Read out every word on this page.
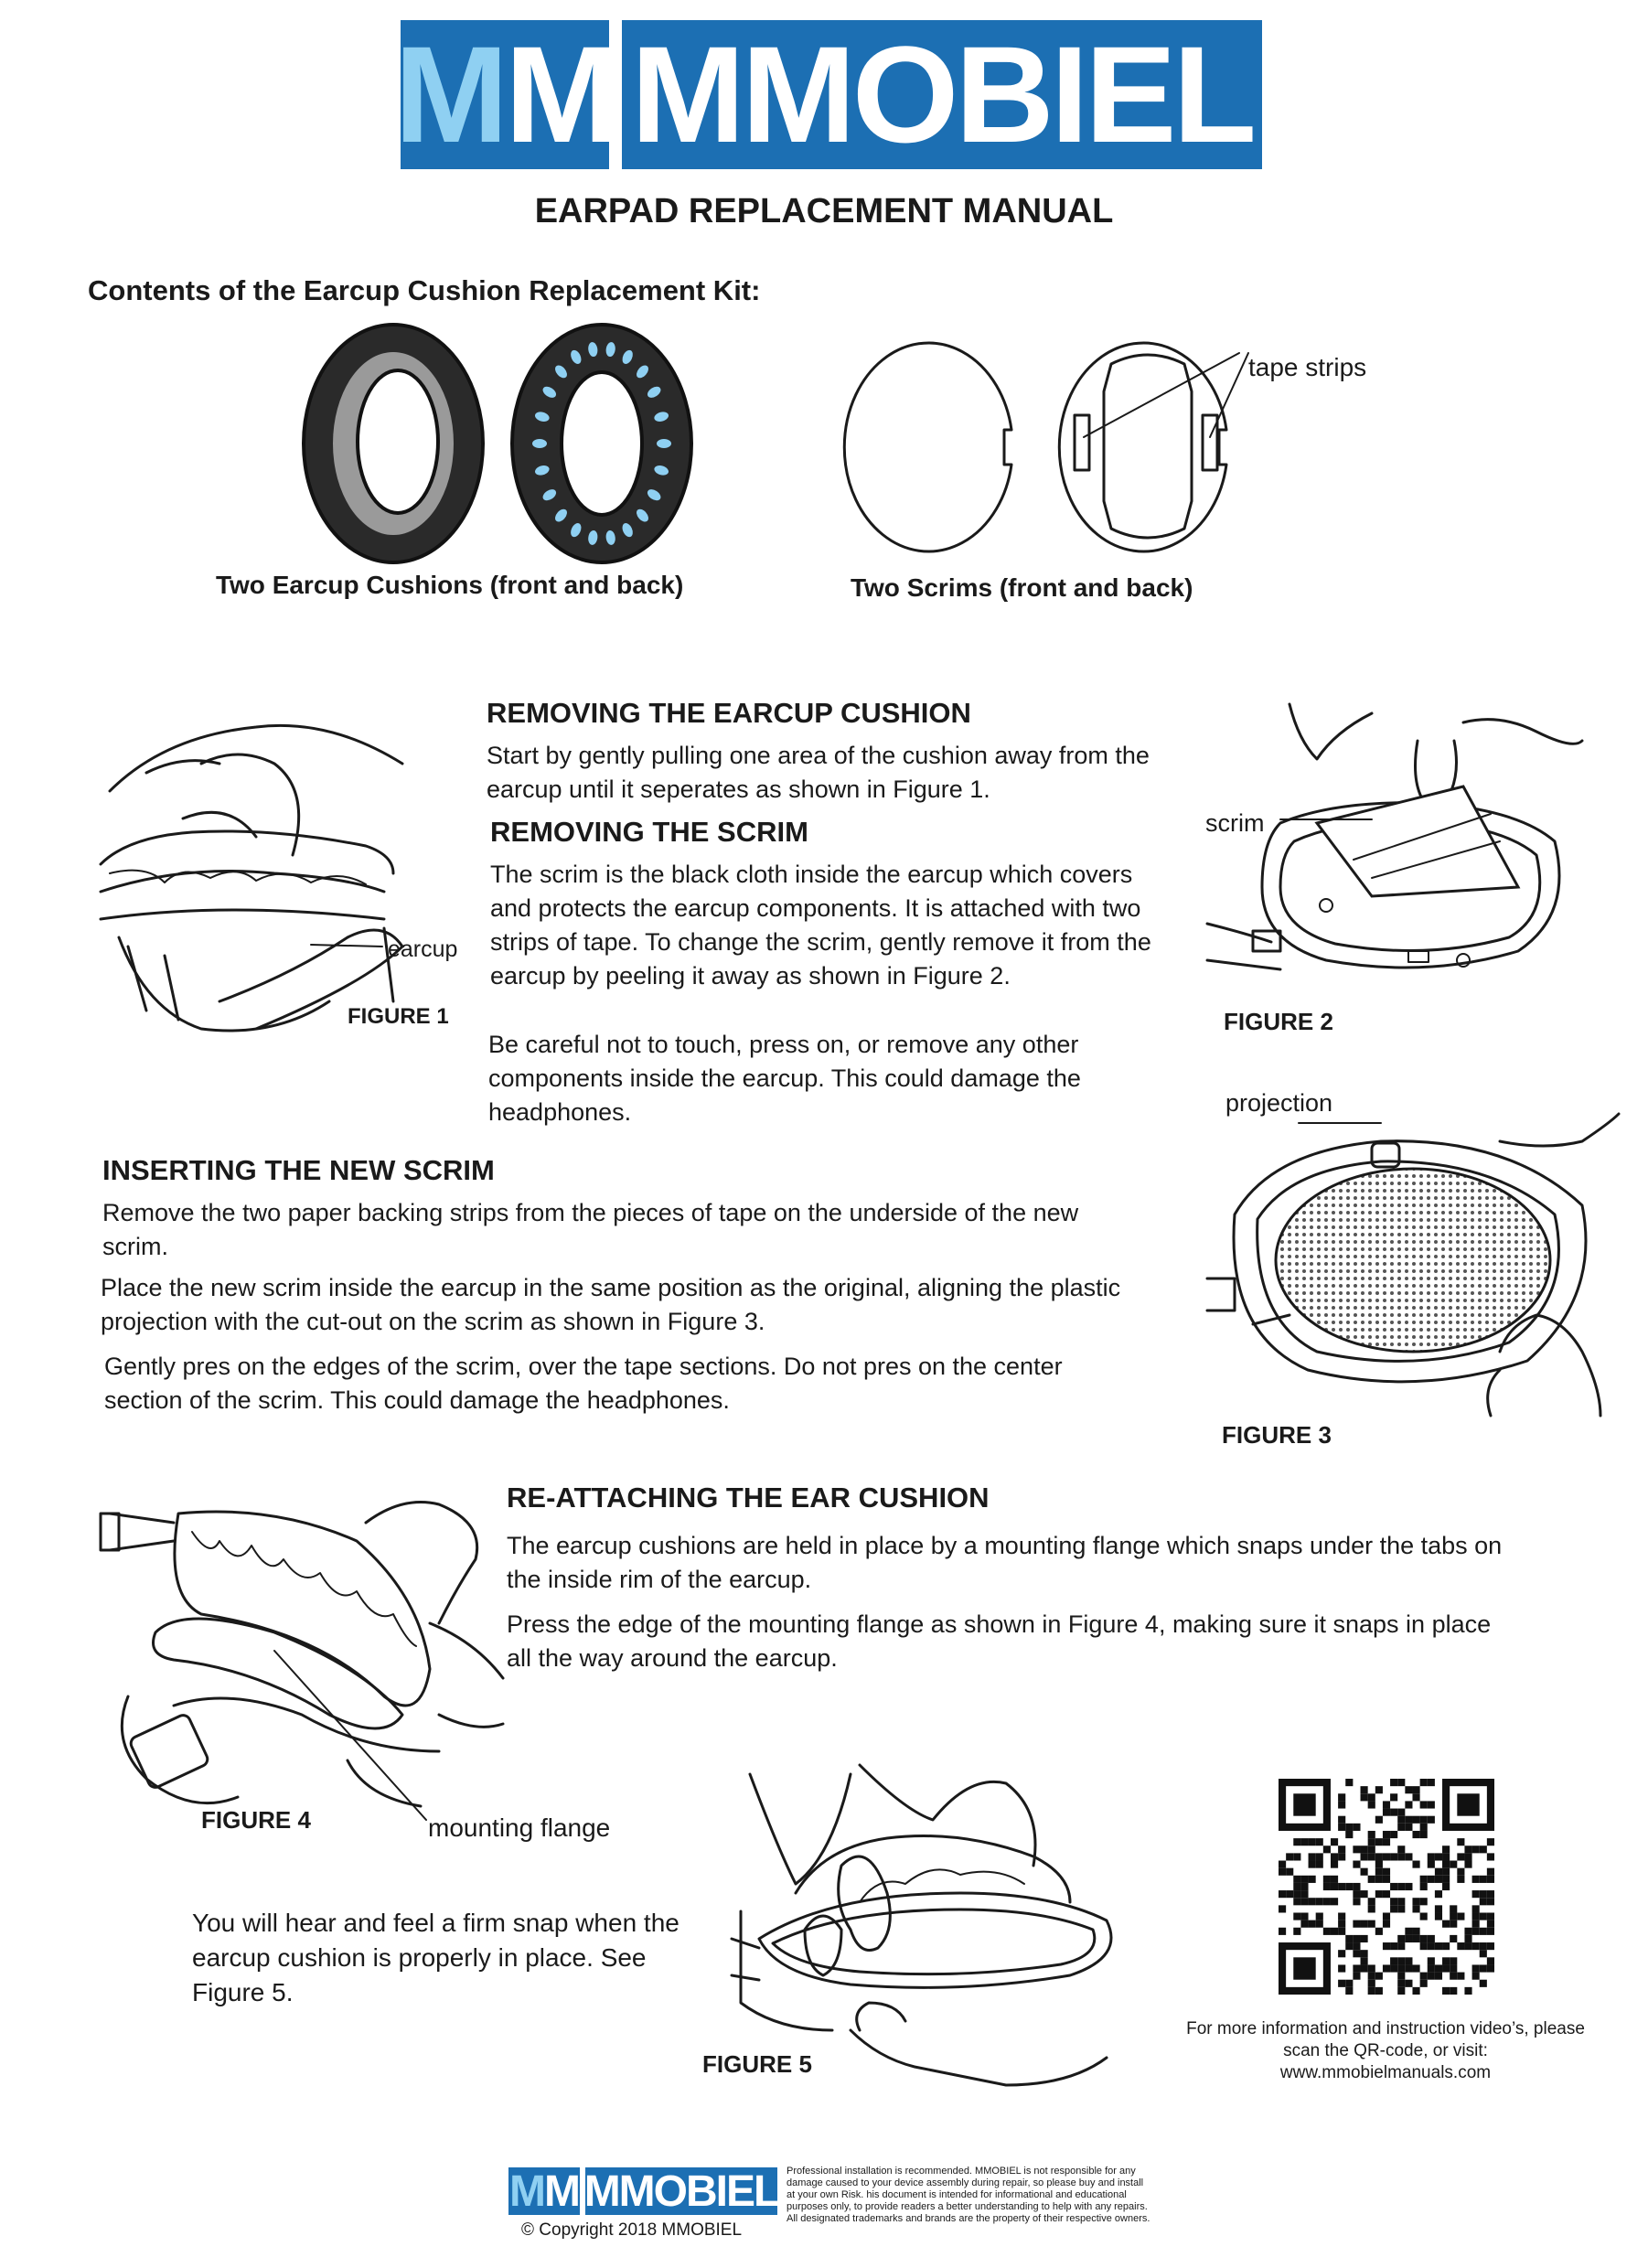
M M MMOBIEL
EARPAD REPLACEMENT MANUAL
Contents of the Earcup Cushion Replacement Kit:
Two Earcup Cushions (front and back)
tape strips
Two Scrims (front and back)
earcup
FIGURE 1
REMOVING THE EARCUP CUSHION
Start by gently pulling one area of the cushion away from the earcup until it seperates as shown in Figure 1.
REMOVING THE SCRIM
The scrim is the black cloth inside the earcup which covers and protects the earcup components. It is attached with two strips of tape. To change the scrim, gently remove it from the earcup by peeling it away as shown in Figure 2.
Be careful not to touch, press on, or remove any other components inside the earcup. This could damage the headphones.
scrim
FIGURE 2
projection
FIGURE 3
INSERTING THE NEW SCRIM
Remove the two paper backing strips from the pieces of tape on the underside of the new scrim.
Place the new scrim inside the earcup in the same position as the original, aligning the plastic projection with the cut-out on the scrim as shown in Figure 3.
Gently pres on the edges of the scrim, over the tape sections. Do not pres on the center section of the scrim. This could damage the headphones.
FIGURE 4	mounting flange
RE-ATTACHING THE EAR CUSHION
The earcup cushions are held in place by a mounting flange which snaps under the tabs on the inside rim of the earcup.
Press the edge of the mounting flange as shown in Figure 4, making sure it snaps in place all the way around the earcup.
You will hear and feel a firm snap when the earcup cushion is properly in place. See Figure 5.
FIGURE 5
For more information and instruction video’s, please scan the QR-code, or visit:
www.mmobielmanuals.com
M M MMOBIEL
© Copyright 2018 MMOBIEL
Professional installation is recommended. MMOBIEL is not responsible for any damage caused to your device assembly during repair, so please buy and install at your own Risk. his document is intended for informational and educational purposes only, to provide readers a better understanding to help with any repairs. All designated trademarks and brands are the property of their respective owners.
